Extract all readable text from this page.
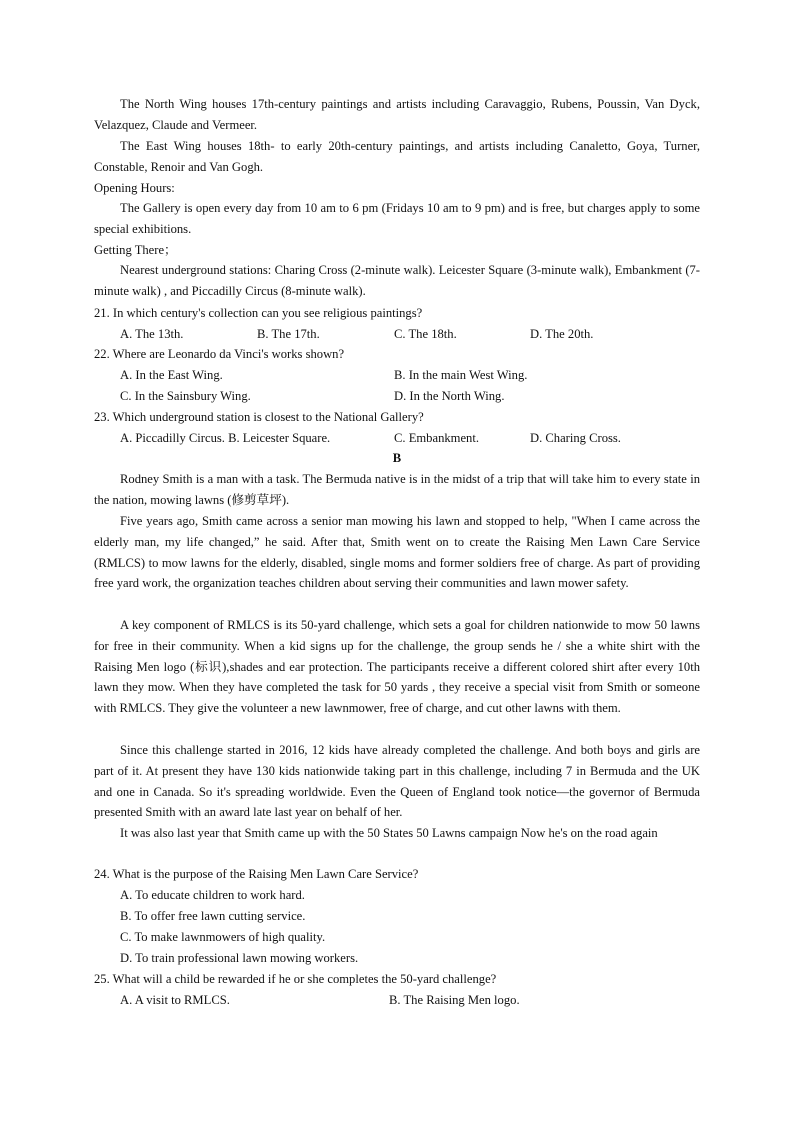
The North Wing houses 17th-century paintings and artists including Caravaggio, Rubens, Poussin, Van Dyck, Velazquez, Claude and Vermeer.
The East Wing houses 18th- to early 20th-century paintings, and artists including Canaletto, Goya, Turner, Constable, Renoir and Van Gogh.
Opening Hours:
The Gallery is open every day from 10 am to 6 pm (Fridays 10 am to 9 pm) and is free, but charges apply to some special exhibitions.
Getting There；
Nearest underground stations: Charing Cross (2-minute walk). Leicester Square (3-minute walk), Embankment (7-minute walk) , and Piccadilly Circus (8-minute walk).
21. In which century's collection can you see religious paintings?
A. The 13th.	B. The 17th.	C. The 18th.	D. The 20th.
22. Where are Leonardo da Vinci's works shown?
A. In the East Wing.	B. In the main West Wing.
C. In the Sainsbury Wing.	D. In the North Wing.
23. Which underground station is closest to the National Gallery?
A. Piccadilly Circus. B. Leicester Square.	C. Embankment.	D. Charing Cross.
B
Rodney Smith is a man with a task. The Bermuda native is in the midst of a trip that will take him to every state in the nation, mowing lawns (修剪草坪).
Five years ago, Smith came across a senior man mowing his lawn and stopped to help, "When I came across the elderly man, my life changed,” he said. After that, Smith went on to create the Raising Men Lawn Care Service (RMLCS) to mow lawns for the elderly, disabled, single moms and former soldiers free of charge. As part of providing free yard work, the organization teaches children about serving their communities and lawn mower safety.
A key component of RMLCS is its 50-yard challenge, which sets a goal for children nationwide to mow 50 lawns for free in their community. When a kid signs up for the challenge, the group sends he / she a white shirt with the Raising Men logo (标识),shades and ear protection. The participants receive a different colored shirt after every 10th lawn they mow. When they have completed the task for 50 yards , they receive a special visit from Smith or someone with RMLCS. They give the volunteer a new lawnmower, free of charge, and cut other lawns with them.
Since this challenge started in 2016, 12 kids have already completed the challenge. And both boys and girls are part of it. At present they have 130 kids nationwide taking part in this challenge, including 7 in Bermuda and the UK and one in Canada. So it's spreading worldwide. Even the Queen of England took notice—the governor of Bermuda presented Smith with an award late last year on behalf of her.
It was also last year that Smith came up with the 50 States 50 Lawns campaign Now he's on the road again
24. What is the purpose of the Raising Men Lawn Care Service?
A. To educate children to work hard.
B. To offer free lawn cutting service.
C. To make lawnmowers of high quality.
D. To train professional lawn mowing workers.
25. What will a child be rewarded if he or she completes the 50-yard challenge?
A. A visit to RMLCS.	B. The Raising Men logo.
